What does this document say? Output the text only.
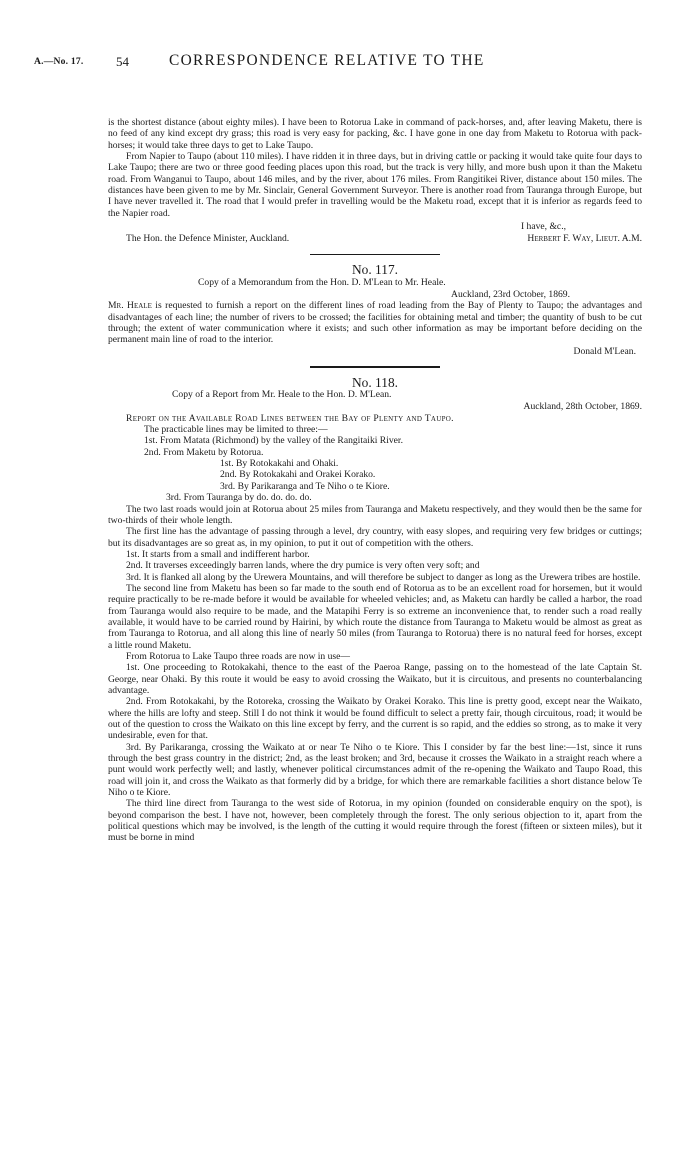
A.—No. 17.	54	CORRESPONDENCE RELATIVE TO THE

is the shortest distance (about eighty miles). I have been to Rotorua Lake in command of pack-horses, and, after leaving Maketu, there is no feed of any kind except dry grass; this road is very easy for packing, &c. I have gone in one day from Maketu to Rotorua with pack-horses; it would take three days to get to Lake Taupo.

From Napier to Taupo (about 110 miles). I have ridden it in three days, but in driving cattle or packing it would take quite four days to Lake Taupo; there are two or three good feeding places upon this road, but the track is very hilly, and more bush upon it than the Maketu road. From Wanganui to Taupo, about 146 miles, and by the river, about 176 miles. From Rangitikei River, distance about 150 miles. The distances have been given to me by Mr. Sinclair, General Government Surveyor. There is another road from Tauranga through Europe, but I have never travelled it. The road that I would prefer in travelling would be the Maketu road, except that it is inferior as regards feed to the Napier road.

I have, &c.,

The Hon. the Defence Minister, Auckland.	Herbert F. Way, Lieut. A.M.

No. 117.

Copy of a Memorandum from the Hon. D. M'Lean to Mr. Heale.

Auckland, 23rd October, 1869.

Mr. Heale is requested to furnish a report on the different lines of road leading from the Bay of Plenty to Taupo; the advantages and disadvantages of each line; the number of rivers to be crossed; the facilities for obtaining metal and timber; the quantity of bush to be cut through; the extent of water communication where it exists; and such other information as may be important before deciding on the permanent main line of road to the interior.

Donald M'Lean.

No. 118.

Copy of a Report from Mr. Heale to the Hon. D. M'Lean.

Auckland, 28th October, 1869.

Report on the Available Road Lines between the Bay of Plenty and Taupo.

The practicable lines may be limited to three:—

1st. From Matata (Richmond) by the valley of the Rangitaiki River.

2nd. From Maketu by Rotorua.

1st. By Rotokakahi and Ohaki.

2nd. By Rotokakahi and Orakei Korako.

3rd. By Parikaranga and Te Niho o te Kiore.

3rd. From Tauranga by do. do. do. do.

The two last roads would join at Rotorua about 25 miles from Tauranga and Maketu respectively, and they would then be the same for two-thirds of their whole length.

The first line has the advantage of passing through a level, dry country, with easy slopes, and requiring very few bridges or cuttings; but its disadvantages are so great as, in my opinion, to put it out of competition with the others.

1st. It starts from a small and indifferent harbor.

2nd. It traverses exceedingly barren lands, where the dry pumice is very often very soft; and

3rd. It is flanked all along by the Urewera Mountains, and will therefore be subject to danger as long as the Urewera tribes are hostile.

The second line from Maketu has been so far made to the south end of Rotorua as to be an excellent road for horsemen, but it would require practically to be re-made before it would be available for wheeled vehicles; and, as Maketu can hardly be called a harbor, the road from Tauranga would also require to be made, and the Matapihi Ferry is so extreme an inconvenience that, to render such a road really available, it would have to be carried round by Hairini, by which route the distance from Tauranga to Maketu would be almost as great as from Tauranga to Rotorua, and all along this line of nearly 50 miles (from Tauranga to Rotorua) there is no natural feed for horses, except a little round Maketu.

From Rotorua to Lake Taupo three roads are now in use—

1st. One proceeding to Rotokakahi, thence to the east of the Paeroa Range, passing on to the homestead of the late Captain St. George, near Ohaki. By this route it would be easy to avoid crossing the Waikato, but it is circuitous, and presents no counterbalancing advantage.

2nd. From Rotokakahi, by the Rotoreka, crossing the Waikato by Orakei Korako. This line is pretty good, except near the Waikato, where the hills are lofty and steep. Still I do not think it would be found difficult to select a pretty fair, though circuitous, road; it would be out of the question to cross the Waikato on this line except by ferry, and the current is so rapid, and the eddies so strong, as to make it very undesirable, even for that.

3rd. By Parikaranga, crossing the Waikato at or near Te Niho o te Kiore. This I consider by far the best line:—1st, since it runs through the best grass country in the district; 2nd, as the least broken; and 3rd, because it crosses the Waikato in a straight reach where a punt would work perfectly well; and lastly, whenever political circumstances admit of the re-opening the Waikato and Taupo Road, this road will join it, and cross the Waikato as that formerly did by a bridge, for which there are remarkable facilities a short distance below Te Niho o te Kiore.

The third line direct from Tauranga to the west side of Rotorua, in my opinion (founded on considerable enquiry on the spot), is beyond comparison the best. I have not, however, been completely through the forest. The only serious objection to it, apart from the political questions which may be involved, is the length of the cutting it would require through the forest (fifteen or sixteen miles), but it must be borne in mind
